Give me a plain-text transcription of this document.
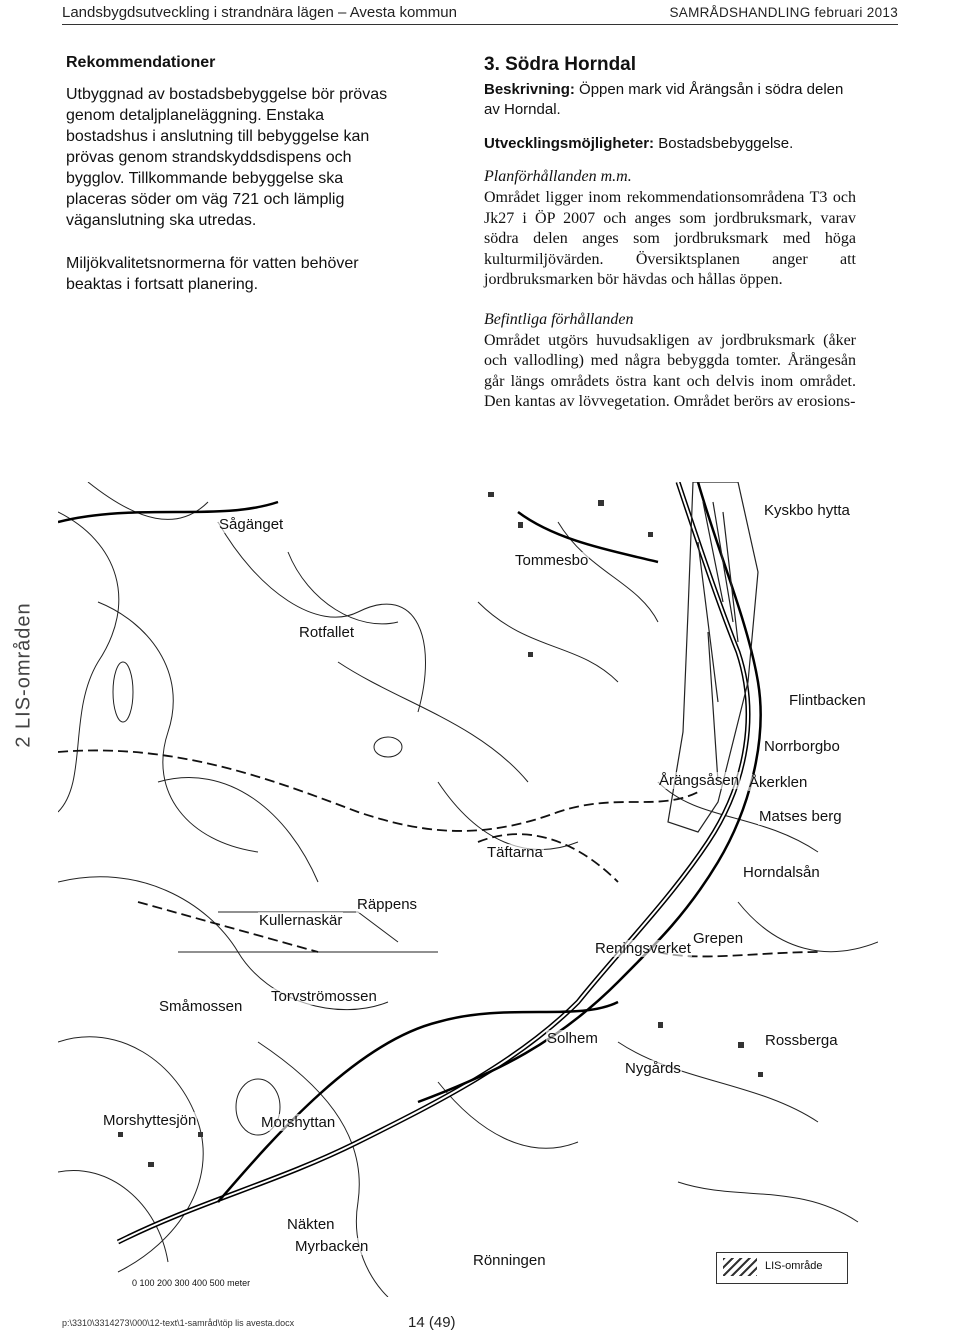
Landsbygdsutveckling i strandnära lägen – Avesta kommun	SAMRÅDSHANDLING februari 2013
2 LIS-områden
Rekommendationer

Utbyggnad av bostadsbebyggelse bör prövas genom detaljplaneläggning. Enstaka bostadshus i anslutning till bebyggelse kan prövas genom strandskyddsdispens och bygglov. Tillkommande bebyggelse ska placeras söder om väg 721 och lämplig väganslutning ska utredas.

Miljökvalitetsnormerna för vatten behöver beaktas i fortsatt planering.

3. Södra Horndal

Beskrivning: Öppen mark vid Årängsån i södra delen av Horndal.

Utvecklingsmöjligheter: Bostadsbebyggelse.

Planförhållanden m.m.

Området ligger inom rekommendationsområdena T3 och Jk27 i ÖP 2007 och anges som jordbruksmark, varav södra delen anges som jordbruksmark med höga kulturmiljövärden. Översiktsplanen anger att jordbruksmarken bör hävdas och hållas öppen.

Befintliga förhållanden

Området utgörs huvudsakligen av jordbruksmark (åker och vallodling) med några bebyggda tomter. Årängesån går längs områdets östra kant och delvis inom området. Den kantas av lövvegetation. Området berörs av erosions-

Sågänget
Rotfallet
Tommesbo
Kyskbo hytta
Flintbacken
Norrborgbo
Årängsåsen Åkerklen
Matses berg
Täftarna
Horndalsån
Kullernaskär
Räppens
Reningsverket
Grepen
Småmossen
Torvströmossen
Solhem
Nygårds
Rossberga
Morshyttesjön	Morshyttan
Näkten
Myrbacken
Rönningen	LIS-område
0 100 200 300 400 500 meter
p:\3310\3314273\000\12-text\1-samråd\töp lis avesta.docx	14 (49)
